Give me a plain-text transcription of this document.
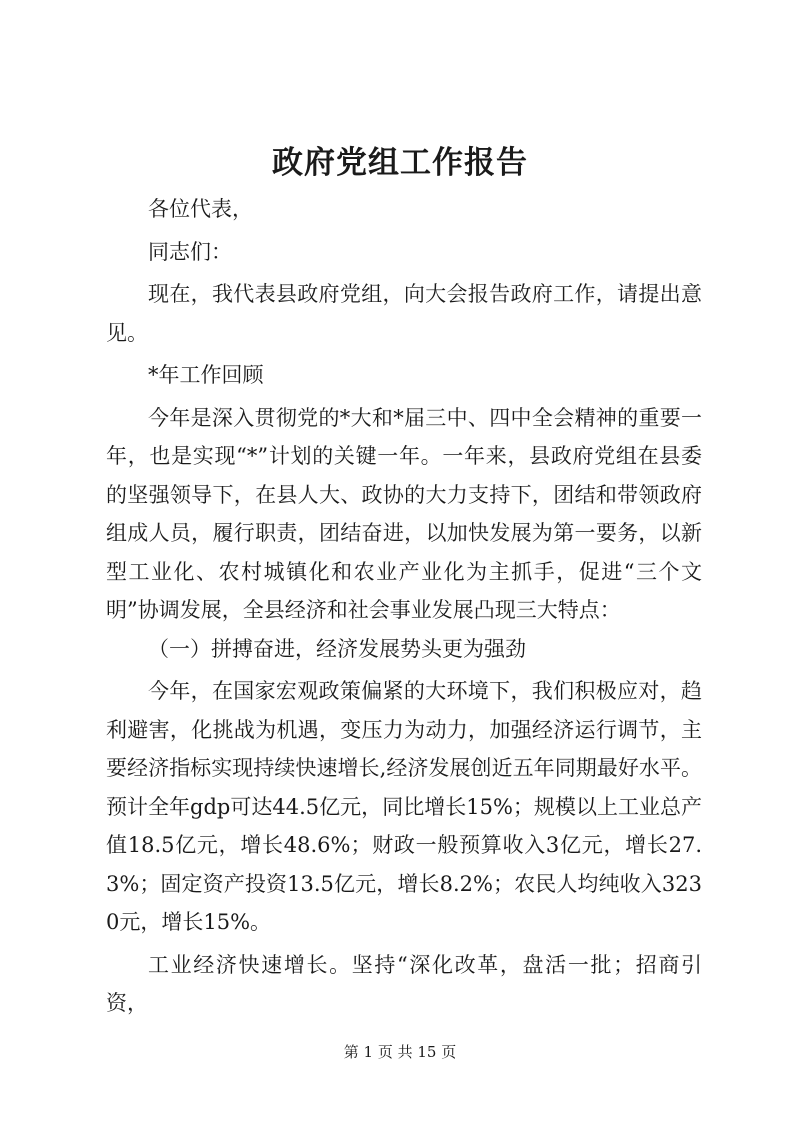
政府党组工作报告

各位代表，

同志们：

现在，我代表县政府党组，向大会报告政府工作，请提出意见。

*年工作回顾

今年是深入贯彻党的*大和*届三中、四中全会精神的重要一年，也是实现“*”计划的关键一年。一年来，县政府党组在县委的坚强领导下，在县人大、政协的大力支持下，团结和带领政府组成人员，履行职责，团结奋进，以加快发展为第一要务，以新型工业化、农村城镇化和农业产业化为主抓手，促进“三个文明”协调发展，全县经济和社会事业发展凸现三大特点：

（一）拼搏奋进，经济发展势头更为强劲

今年，在国家宏观政策偏紧的大环境下，我们积极应对，趋利避害，化挑战为机遇，变压力为动力，加强经济运行调节，主要经济指标实现持续快速增长,经济发展创近五年同期最好水平。预计全年gdp可达44.5亿元，同比增长15%；规模以上工业总产值18.5亿元，增长48.6%；财政一般预算收入3亿元，增长27.3%；固定资产投资13.5亿元，增长8.2%；农民人均纯收入3230元，增长15%。

工业经济快速增长。坚持“深化改革，盘活一批；招商引资，

第 1 页 共 15 页
